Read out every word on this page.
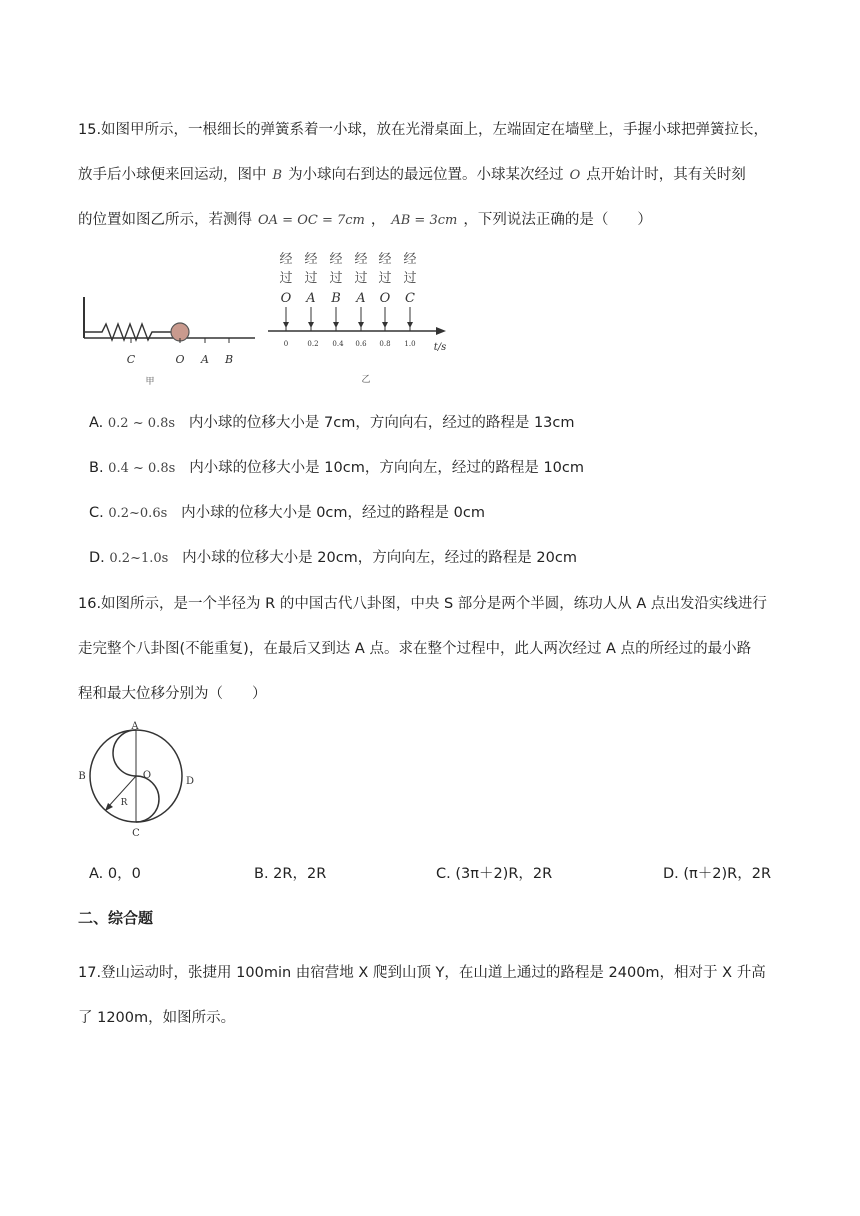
15.如图甲所示，一根细长的弹簧系着一小球，放在光滑桌面上，左端固定在墙壁上，手握小球把弹簧拉长，
放手后小球便来回运动，图中 B 为小球向右到达的最远位置。小球某次经过 O 点开始计时，其有关时刻
的位置如图乙所示，若测得 OA = OC = 7cm ， AB = 3cm ，下列说法正确的是（　　）
C	O A B
甲
经 经 经 经 经 经
过 过 过 过 过 过
O A B A O C
0	0.2 0.4 0.6 0.8 1.0 t/s
乙
A. 0.2 ~ 0.8s 内小球的位移大小是 7cm，方向向右，经过的路程是 13cm
B. 0.4 ~ 0.8s 内小球的位移大小是 10cm，方向向左，经过的路程是 10cm
C. 0.2~0.6s 内小球的位移大小是 0cm，经过的路程是 0cm
D. 0.2~1.0s 内小球的位移大小是 20cm，方向向左，经过的路程是 20cm
16.如图所示，是一个半径为 R 的中国古代八卦图，中央 S 部分是两个半圆，练功人从 A 点出发沿实线进行
走完整个八卦图(不能重复)，在最后又到达 A 点。求在整个过程中，此人两次经过 A 点的所经过的最小路
程和最大位移分别为（　　）
A
B	O
D
R
C
A. 0，0	B. 2R，2R	C. (3π＋2)R，2R	D. (π＋2)R，2R
二、综合题
17.登山运动时，张捷用 100min 由宿营地 X 爬到山顶 Y，在山道上通过的路程是 2400m，相对于 X 升高
了 1200m，如图所示。
